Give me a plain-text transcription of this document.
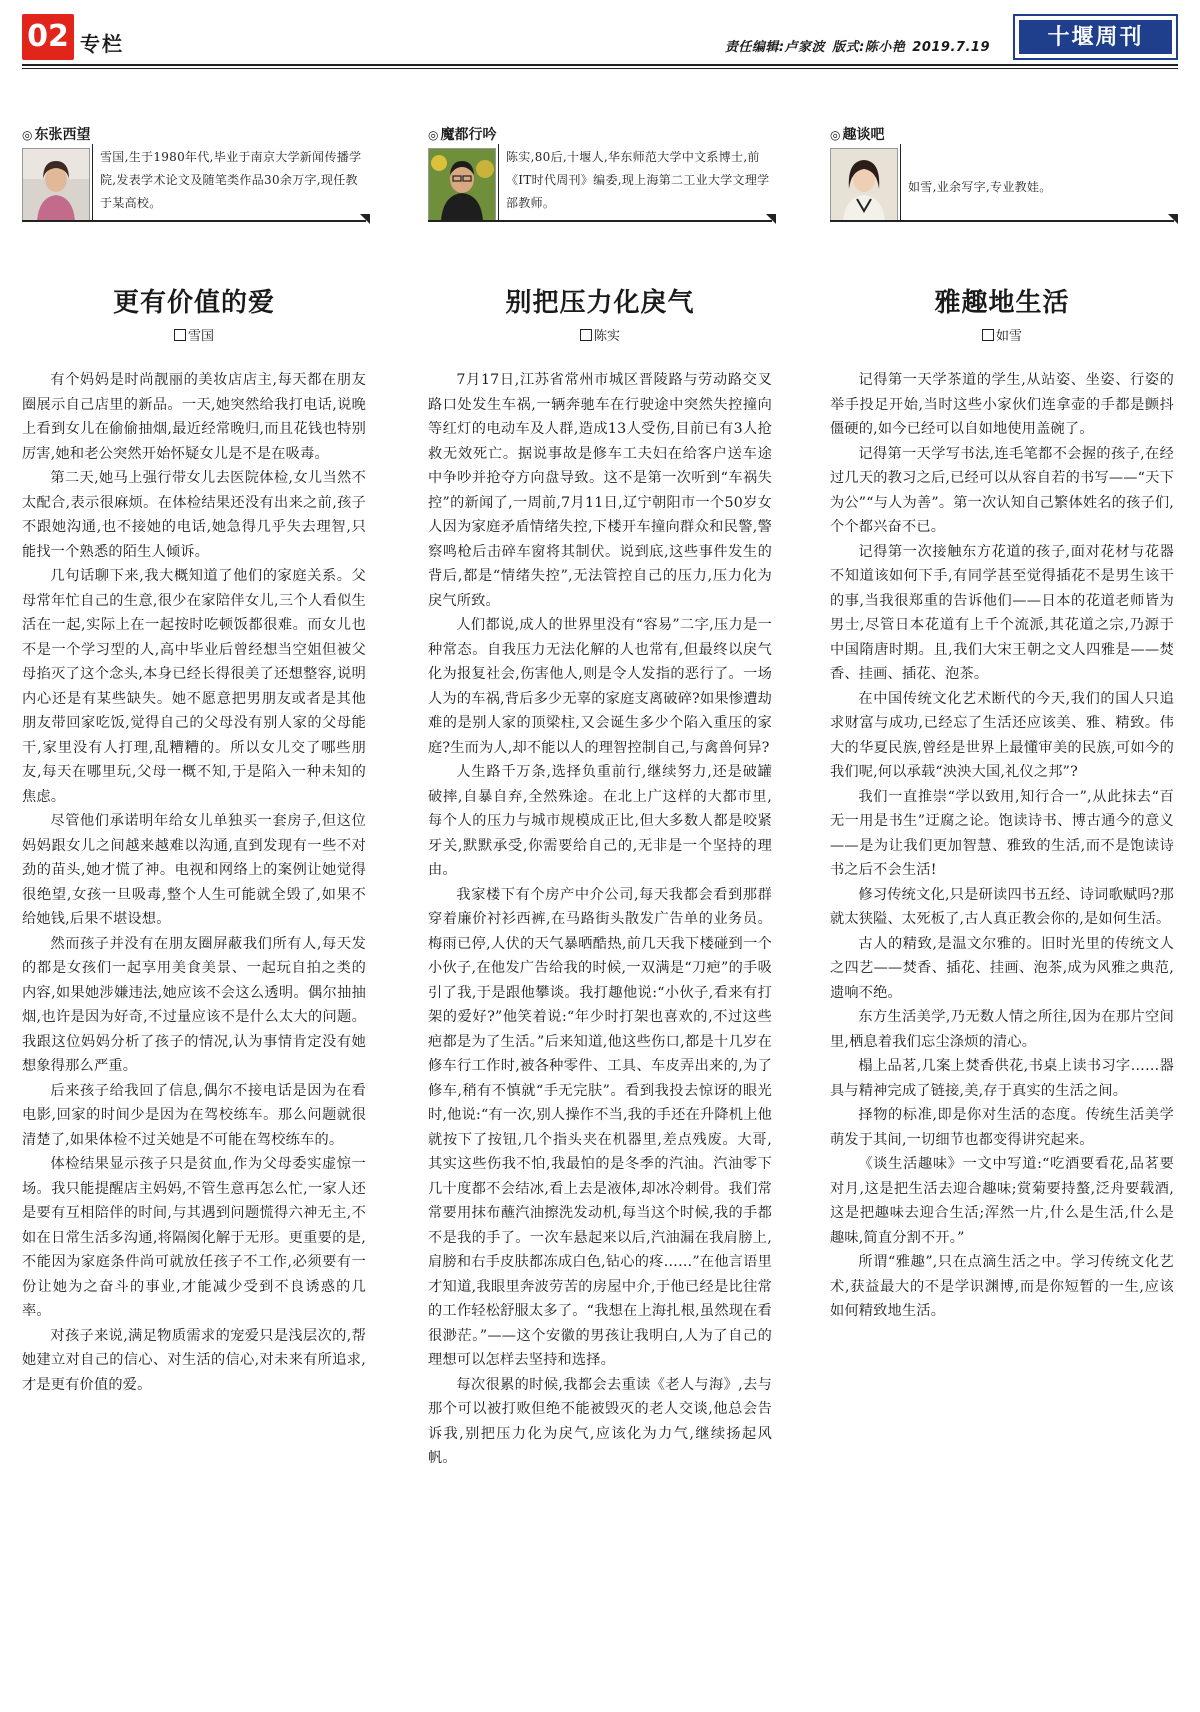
02 专栏	责任编辑:卢家波 版式:陈小艳 2019.7.19	十堰周刊
◎ 东张西望
雪国,生于1980年代,毕业于南京大学新闻传播学院,发表学术论文及随笔类作品30余万字,现任教于某高校。
更有价值的爱
雪国

有个妈妈是时尚靓丽的美妆店店主,每天都在朋友圈展示自己店里的新品。一天,她突然给我打电话,说晚上看到女儿在偷偷抽烟,最近经常晚归,而且花钱也特别厉害,她和老公突然开始怀疑女儿是不是在吸毒。

第二天,她马上强行带女儿去医院体检,女儿当然不太配合,表示很麻烦。在体检结果还没有出来之前,孩子不跟她沟通,也不接她的电话,她急得几乎失去理智,只能找一个熟悉的陌生人倾诉。

几句话聊下来,我大概知道了他们的家庭关系。父母常年忙自己的生意,很少在家陪伴女儿,三个人看似生活在一起,实际上在一起按时吃顿饭都很难。而女儿也不是一个学习型的人,高中毕业后曾经想当空姐但被父母掐灭了这个念头,本身已经长得很美了还想整容,说明内心还是有某些缺失。她不愿意把男朋友或者是其他朋友带回家吃饭,觉得自己的父母没有别人家的父母能干,家里没有人打理,乱糟糟的。所以女儿交了哪些朋友,每天在哪里玩,父母一概不知,于是陷入一种未知的焦虑。

尽管他们承诺明年给女儿单独买一套房子,但这位妈妈跟女儿之间越来越难以沟通,直到发现有一些不对劲的苗头,她才慌了神。电视和网络上的案例让她觉得很绝望,女孩一旦吸毒,整个人生可能就全毁了,如果不给她钱,后果不堪设想。

然而孩子并没有在朋友圈屏蔽我们所有人,每天发的都是女孩们一起享用美食美景、一起玩自拍之类的内容,如果她涉嫌违法,她应该不会这么透明。偶尔抽抽烟,也许是因为好奇,不过量应该不是什么太大的问题。我跟这位妈妈分析了孩子的情况,认为事情肯定没有她想象得那么严重。

后来孩子给我回了信息,偶尔不接电话是因为在看电影,回家的时间少是因为在驾校练车。那么问题就很清楚了,如果体检不过关她是不可能在驾校练车的。

体检结果显示孩子只是贫血,作为父母委实虚惊一场。我只能提醒店主妈妈,不管生意再怎么忙,一家人还是要有互相陪伴的时间,与其遇到问题慌得六神无主,不如在日常生活多沟通,将隔阂化解于无形。更重要的是,不能因为家庭条件尚可就放任孩子不工作,必须要有一份让她为之奋斗的事业,才能减少受到不良诱惑的几率。

对孩子来说,满足物质需求的宠爱只是浅层次的,帮她建立对自己的信心、对生活的信心,对未来有所追求,才是更有价值的爱。

◎ 魔都行吟
陈实,80后,十堰人,华东师范大学中文系博士,前《IT时代周刊》编委,现上海第二工业大学文理学部教师。
别把压力化戾气
陈实

7月17日,江苏省常州市城区晋陵路与劳动路交叉路口处发生车祸,一辆奔驰车在行驶途中突然失控撞向等红灯的电动车及人群,造成13人受伤,目前已有3人抢救无效死亡。据说事故是修车工夫妇在给客户送车途中争吵并抢夺方向盘导致。这不是第一次听到“车祸失控”的新闻了,一周前,7月11日,辽宁朝阳市一个50岁女人因为家庭矛盾情绪失控,下楼开车撞向群众和民警,警察鸣枪后击碎车窗将其制伏。说到底,这些事件发生的背后,都是“情绪失控”,无法管控自己的压力,压力化为戾气所致。

人们都说,成人的世界里没有“容易”二字,压力是一种常态。自我压力无法化解的人也常有,但最终以戾气化为报复社会,伤害他人,则是令人发指的恶行了。一场人为的车祸,背后多少无辜的家庭支离破碎?如果惨遭劫难的是别人家的顶梁柱,又会诞生多少个陷入重压的家庭?生而为人,却不能以人的理智控制自己,与禽兽何异?

人生路千万条,选择负重前行,继续努力,还是破罐破摔,自暴自弃,全然殊途。在北上广这样的大都市里,每个人的压力与城市规模成正比,但大多数人都是咬紧牙关,默默承受,你需要给自己的,无非是一个坚持的理由。

我家楼下有个房产中介公司,每天我都会看到那群穿着廉价衬衫西裤,在马路街头散发广告单的业务员。梅雨已停,人伏的天气暴晒酷热,前几天我下楼碰到一个小伙子,在他发广告给我的时候,一双满是“刀疤”的手吸引了我,于是跟他攀谈。我打趣他说:“小伙子,看来有打架的爱好?”他笑着说:“年少时打架也喜欢的,不过这些疤都是为了生活。”后来知道,他这些伤口,都是十几岁在修车行工作时,被各种零件、工具、车皮弄出来的,为了修车,稍有不慎就“手无完肤”。看到我投去惊讶的眼光时,他说:“有一次,别人操作不当,我的手还在升降机上他就按下了按钮,几个指头夹在机器里,差点残废。大哥,其实这些伤我不怕,我最怕的是冬季的汽油。汽油零下几十度都不会结冰,看上去是液体,却冰冷刺骨。我们常常要用抹布蘸汽油擦洗发动机,每当这个时候,我的手都不是我的手了。一次车悬起来以后,汽油漏在我肩膀上,肩膀和右手皮肤都冻成白色,钻心的疼……”在他言语里才知道,我眼里奔波劳苦的房屋中介,于他已经是比往常的工作轻松舒服太多了。“我想在上海扎根,虽然现在看很渺茫。”——这个安徽的男孩让我明白,人为了自己的理想可以怎样去坚持和选择。

每次很累的时候,我都会去重读《老人与海》,去与那个可以被打败但绝不能被毁灭的老人交谈,他总会告诉我,别把压力化为戾气,应该化为力气,继续扬起风帆。

◎ 趣谈吧
如雪,业余写字,专业教娃。
雅趣地生活
如雪

记得第一天学茶道的学生,从站姿、坐姿、行姿的举手投足开始,当时这些小家伙们连拿壶的手都是颤抖僵硬的,如今已经可以自如地使用盖碗了。

记得第一天学写书法,连毛笔都不会握的孩子,在经过几天的教习之后,已经可以从容自若的书写——“天下为公”“与人为善”。第一次认知自己繁体姓名的孩子们,个个都兴奋不已。

记得第一次接触东方花道的孩子,面对花材与花器不知道该如何下手,有同学甚至觉得插花不是男生该干的事,当我很郑重的告诉他们——日本的花道老师皆为男士,尽管日本花道有上千个流派,其花道之宗,乃源于中国隋唐时期。且,我们大宋王朝之文人四雅是——焚香、挂画、插花、泡茶。

在中国传统文化艺术断代的今天,我们的国人只追求财富与成功,已经忘了生活还应该美、雅、精致。伟大的华夏民族,曾经是世界上最懂审美的民族,可如今的我们呢,何以承载“泱泱大国,礼仪之邦”?

我们一直推崇“学以致用,知行合一”,从此抹去“百无一用是书生”迂腐之论。饱读诗书、博古通今的意义——是为让我们更加智慧、雅致的生活,而不是饱读诗书之后不会生活!

修习传统文化,只是研读四书五经、诗词歌赋吗?那就太狭隘、太死板了,古人真正教会你的,是如何生活。

古人的精致,是温文尔雅的。旧时光里的传统文人之四艺——焚香、插花、挂画、泡茶,成为风雅之典范,遗响不绝。

东方生活美学,乃无数人情之所往,因为在那片空间里,栖息着我们忘尘涤烦的清心。

榻上品茗,几案上焚香供花,书桌上读书习字……器具与精神完成了链接,美,存于真实的生活之间。

择物的标准,即是你对生活的态度。传统生活美学萌发于其间,一切细节也都变得讲究起来。

《谈生活趣味》一文中写道:“吃酒要看花,品茗要对月,这是把生活去迎合趣味;赏菊要持螯,泛舟要载酒,这是把趣味去迎合生活;浑然一片,什么是生活,什么是趣味,简直分割不开。”

所谓“雅趣”,只在点滴生活之中。学习传统文化艺术,获益最大的不是学识渊博,而是你短暂的一生,应该如何精致地生活。
